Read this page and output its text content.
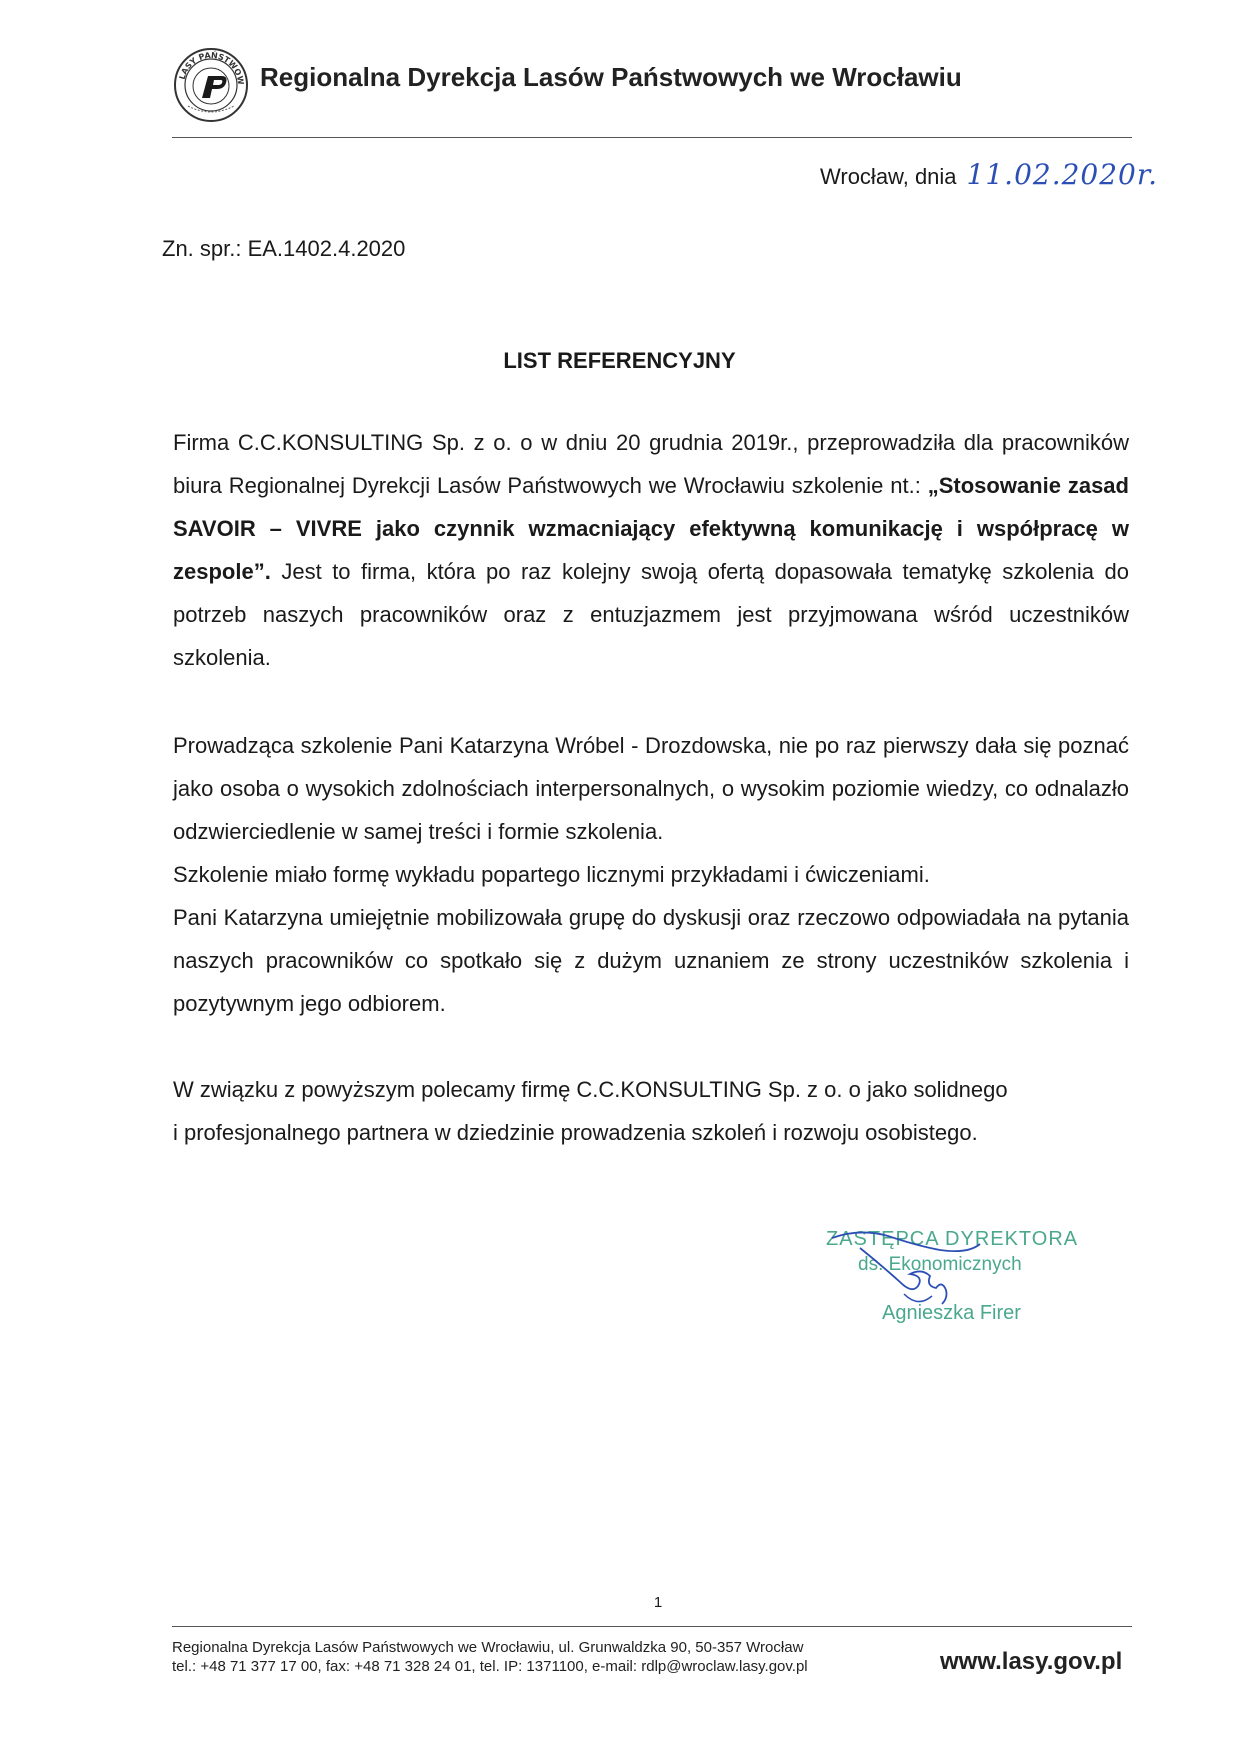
LASY PAŃSTWOW Regionalna Dyrekcja Lasów Państwowych we Wrocławiu
Wrocław, dnia 11.02.2020r.
Zn. spr.: EA.1402.4.2020
LIST REFERENCYJNY
Firma C.C.KONSULTING Sp. z o. o w dniu 20 grudnia 2019r., przeprowadziła dla pracowników biura Regionalnej Dyrekcji Lasów Państwowych we Wrocławiu szkolenie nt.: „Stosowanie zasad SAVOIR – VIVRE jako czynnik wzmacniający efektywną komunikację i współpracę w zespole”. Jest to firma, która po raz kolejny swoją ofertą dopasowała tematykę szkolenia do potrzeb naszych pracowników oraz z entuzjazmem jest przyjmowana wśród uczestników szkolenia.
Prowadząca szkolenie Pani Katarzyna Wróbel - Drozdowska, nie po raz pierwszy dała się poznać jako osoba o wysokich zdolnościach interpersonalnych, o wysokim poziomie wiedzy, co odnalazło odzwierciedlenie w samej treści i formie szkolenia.
Szkolenie miało formę wykładu popartego licznymi przykładami i ćwiczeniami.
Pani Katarzyna umiejętnie mobilizowała grupę do dyskusji oraz rzeczowo odpowiadała na pytania naszych pracowników co spotkało się z dużym uznaniem ze strony uczestników szkolenia i pozytywnym jego odbiorem.
W związku z powyższym polecamy firmę C.C.KONSULTING Sp. z o. o jako solidnego
i profesjonalnego partnera w dziedzinie prowadzenia szkoleń i rozwoju osobistego.
ZASTĘPCA DYREKTORA
ds. Ekonomicznych
Agnieszka Firer
1
Regionalna Dyrekcja Lasów Państwowych we Wrocławiu, ul. Grunwaldzka 90, 50-357 Wrocław
tel.: +48 71 377 17 00, fax: +48 71 328 24 01, tel. IP: 1371100, e-mail: rdlp@wroclaw.lasy.gov.pl	www.lasy.gov.pl
